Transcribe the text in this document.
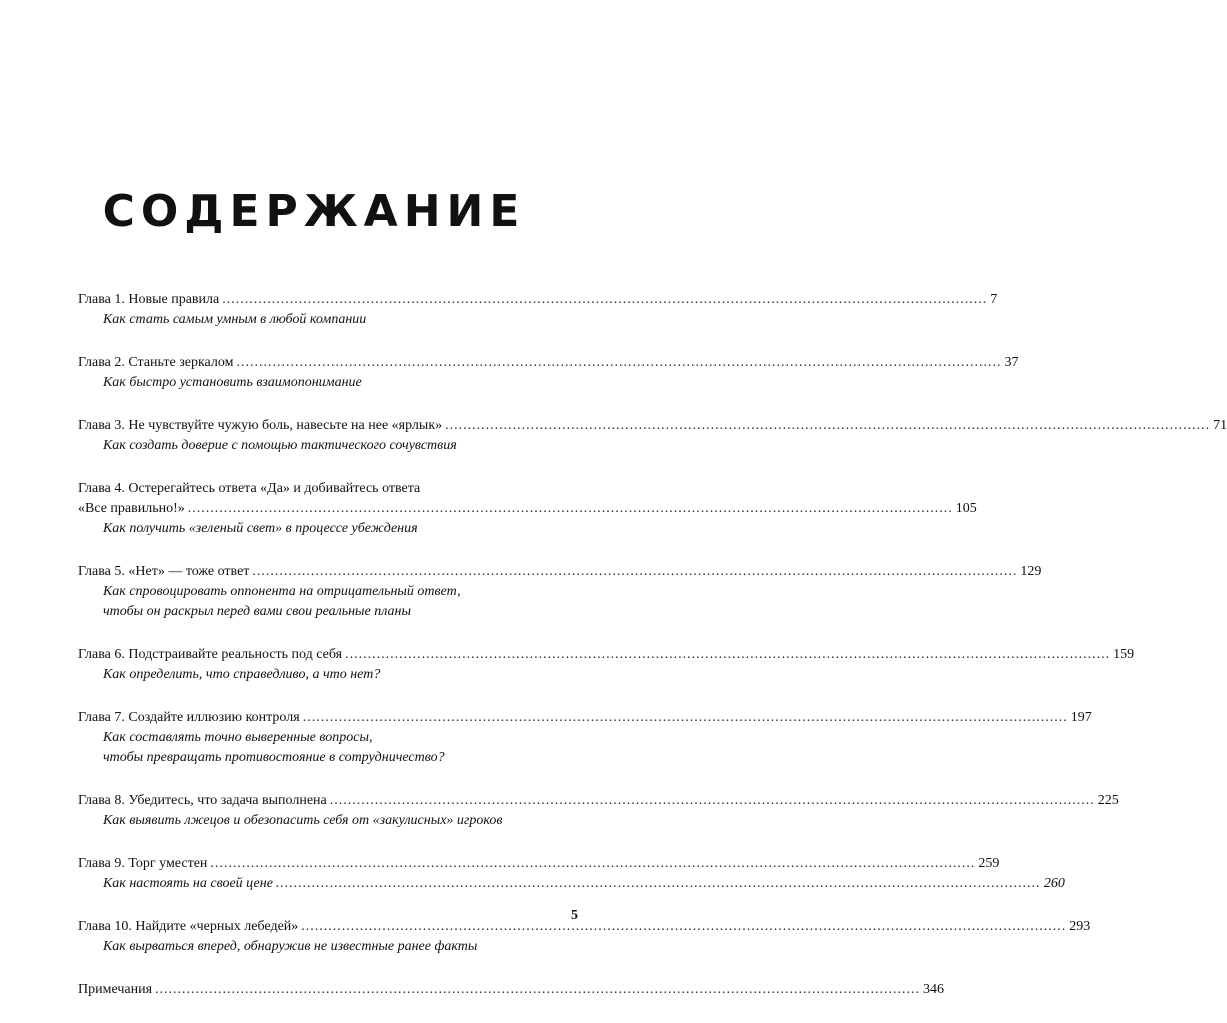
СОДЕРЖАНИЕ
Глава 1. Новые правила .......................................................................................................................................................................... 7
Как стать самым умным в любой компании
Глава 2. Станьте зеркалом .......................................................................................................................................................................... 37
Как быстро установить взаимопонимание
Глава 3. Не чувствуйте чужую боль, навесьте на нее «ярлык» .......................................................................................................................................................................... 71
Как создать доверие с помощью тактического сочувствия
Глава 4. Остерегайтесь ответа «Да» и добивайтесь ответа
«Все правильно!» .......................................................................................................................................................................... 105
Как получить «зеленый свет» в процессе убеждения
Глава 5. «Нет» — тоже ответ .......................................................................................................................................................................... 129
Как спровоцировать оппонента на отрицательный ответ,
чтобы он раскрыл перед вами свои реальные планы
Глава 6. Подстраивайте реальность под себя .......................................................................................................................................................................... 159
Как определить, что справедливо, а что нет?
Глава 7. Создайте иллюзию контроля .......................................................................................................................................................................... 197
Как составлять точно выверенные вопросы,
чтобы превращать противостояние в сотрудничество?
Глава 8. Убедитесь, что задача выполнена .......................................................................................................................................................................... 225
Как выявить лжецов и обезопасить себя от «закулисных» игроков
Глава 9. Торг уместен .......................................................................................................................................................................... 259
Как настоять на своей цене .......................................................................................................................................................................... 260
Глава 10. Найдите «черных лебедей» .......................................................................................................................................................................... 293
Как вырваться вперед, обнаружив не известные ранее факты
Примечания .......................................................................................................................................................................... 346
5
